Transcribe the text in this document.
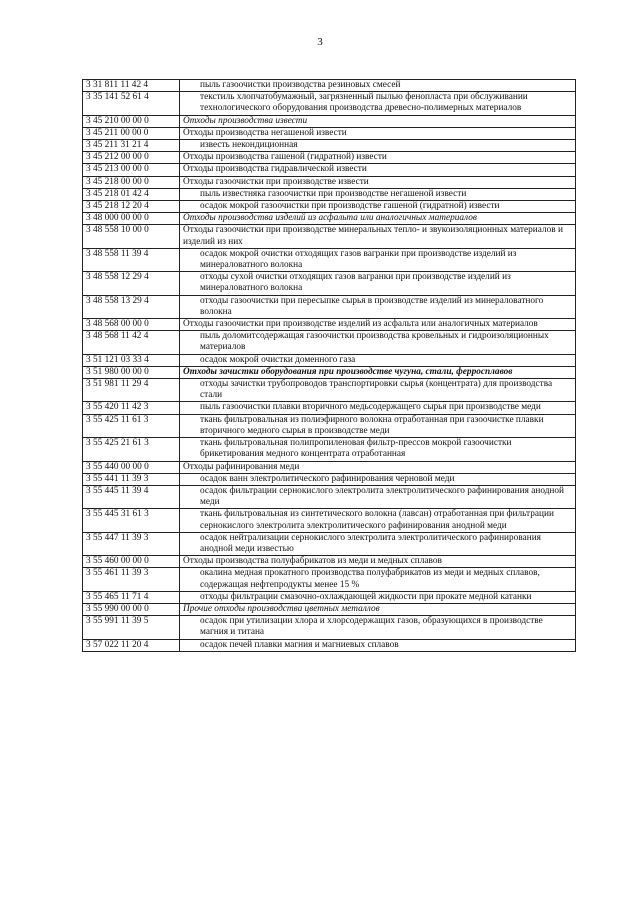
3
3 31 811 11 42 4	пыль газоочистки производства резиновых смесей
3 35 141 52 61 4	текстиль хлопчатобумажный, загрязненный пылью фенопласта при обслуживании технологического оборудования производства древесно-полимерных материалов
3 45 210 00 00 0	Отходы производства извести
3 45 211 00 00 0	Отходы производства негашеной извести
3 45 211 31 21 4	известь некондиционная
3 45 212 00 00 0	Отходы производства гашеной (гидратной) извести
3 45 213 00 00 0	Отходы производства гидравлической извести
3 45 218 00 00 0	Отходы газоочистки при производстве извести
3 45 218 01 42 4	пыль известняка газоочистки при производстве негашеной извести
3 45 218 12 20 4	осадок мокрой газоочистки при производстве гашеной (гидратной) извести
3 48 000 00 00 0	Отходы производства изделий из асфальта или аналогичных материалов
3 48 558 10 00 0	Отходы газоочистки при производстве минеральных тепло- и звукоизоляционных материалов и изделий из них
3 48 558 11 39 4	осадок мокрой очистки отходящих газов вагранки при производстве изделий из минераловатного волокна
3 48 558 12 29 4	отходы сухой очистки отходящих газов вагранки при производстве изделий из минераловатного волокна
3 48 558 13 29 4	отходы газоочистки при пересыпке сырья в производстве изделий из минераловатного волокна
3 48 568 00 00 0	Отходы газоочистки при производстве изделий из асфальта или аналогичных материалов
3 48 568 11 42 4	пыль доломитсодержащая газоочистки производства кровельных и гидроизоляционных материалов
3 51 121 03 33 4	осадок мокрой очистки доменного газа
3 51 980 00 00 0	Отходы зачистки оборудования при производстве чугуна, стали, ферросплавов
3 51 981 11 29 4	отходы зачистки трубопроводов транспортировки сырья (концентрата) для производства стали
3 55 420 11 42 3	пыль газоочистки плавки вторичного медьсодержащего сырья при производстве меди
3 55 425 11 61 3	ткань фильтровальная из полиэфирного волокна отработанная при газоочистке плавки вторичного медного сырья в производстве меди
3 55 425 21 61 3	ткань фильтровальная полипропиленовая фильтр-прессов мокрой газоочистки брикетирования медного концентрата отработанная
3 55 440 00 00 0	Отходы рафинирования меди
3 55 441 11 39 3	осадок ванн электролитического рафинирования черновой меди
3 55 445 11 39 4	осадок фильтрации сернокислого электролита электролитического рафинирования анодной меди
3 55 445 31 61 3	ткань фильтровальная из синтетического волокна (лавсан) отработанная при фильтрации сернокислого электролита электролитического рафинирования анодной меди
3 55 447 11 39 3	осадок нейтрализации сернокислого электролита электролитического рафинирования анодной меди известью
3 55 460 00 00 0	Отходы производства полуфабрикатов из меди и медных сплавов
3 55 461 11 39 3	окалина медная прокатного производства полуфабрикатов из меди и медных сплавов, содержащая нефтепродукты менее 15 %
3 55 465 11 71 4	отходы фильтрации смазочно-охлаждающей жидкости при прокате медной катанки
3 55 990 00 00 0	Прочие отходы производства цветных металлов
3 55 991 11 39 5	осадок при утилизации хлора и хлорсодержащих газов, образующихся в производстве магния и титана
3 57 022 11 20 4	осадок печей плавки магния и магниевых сплавов
